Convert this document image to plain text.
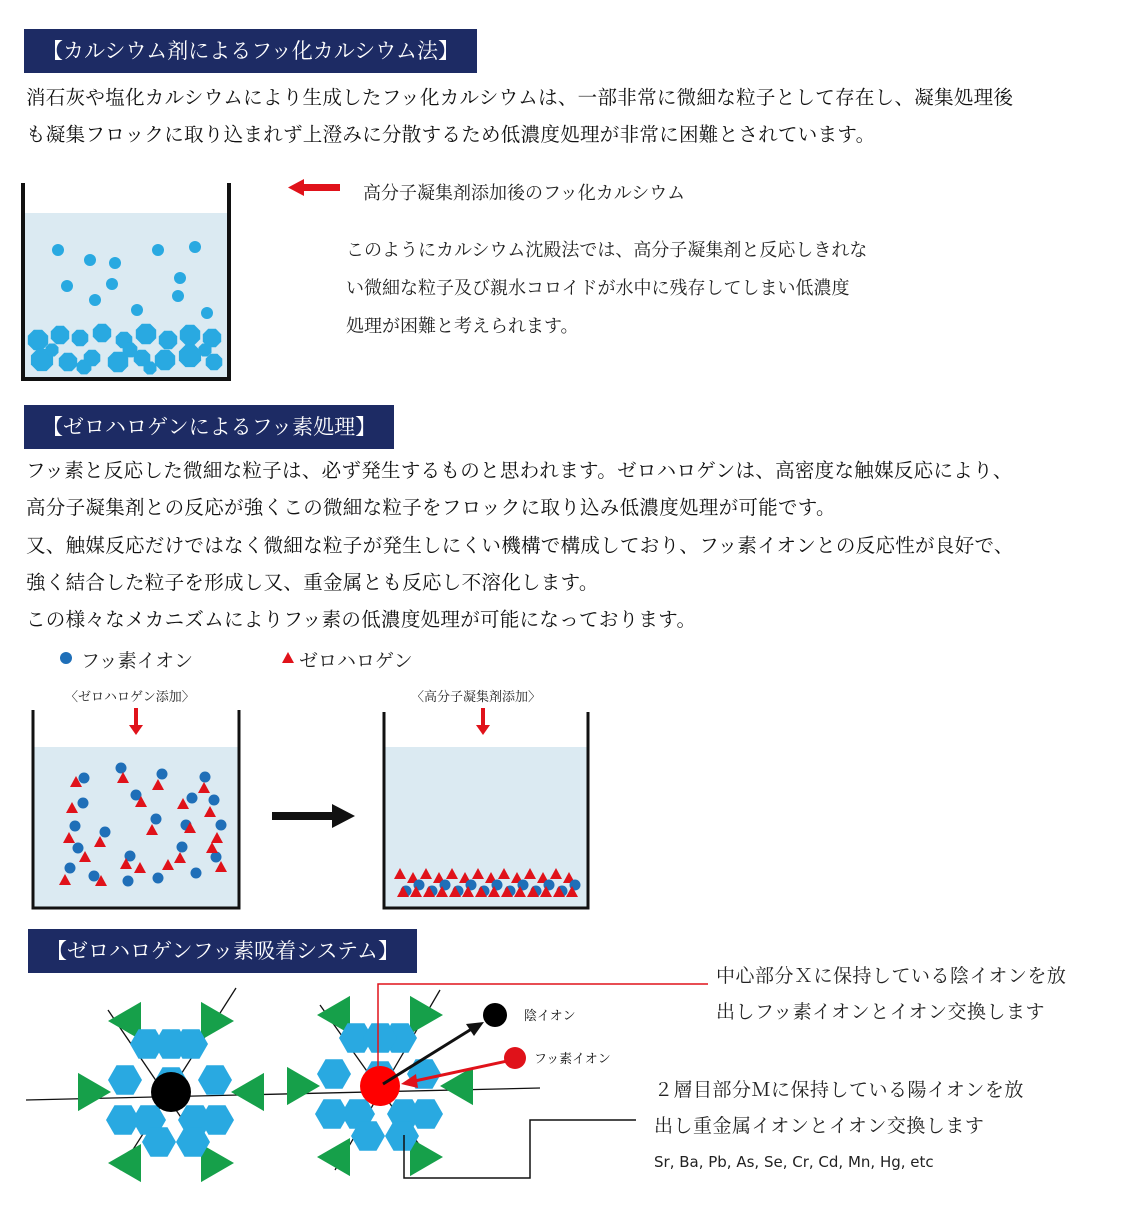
【カルシウム剤によるフッ化カルシウム法】
消石灰や塩化カルシウムにより生成したフッ化カルシウムは、一部非常に微細な粒子として存在し、凝集処理後
も凝集フロックに取り込まれず上澄みに分散するため低濃度処理が非常に困難とされています。
高分子凝集剤添加後のフッ化カルシウム
このようにカルシウム沈殿法では、高分子凝集剤と反応しきれな
い微細な粒子及び親水コロイドが水中に残存してしまい低濃度
処理が困難と考えられます。
【ゼロハロゲンによるフッ素処理】
フッ素と反応した微細な粒子は、必ず発生するものと思われます。ゼロハロゲンは、高密度な触媒反応により、
高分子凝集剤との反応が強くこの微細な粒子をフロックに取り込み低濃度処理が可能です。
又、触媒反応だけではなく微細な粒子が発生しにくい機構で構成しており、フッ素イオンとの反応性が良好で、
強く結合した粒子を形成し又、重金属とも反応し不溶化します。
この様々なメカニズムによりフッ素の低濃度処理が可能になっております。
フッ素イオン	ゼロハロゲン
〈ゼロハロゲン添加〉	〈高分子凝集剤添加〉
【ゼロハロゲンフッ素吸着システム】
陰イオン
フッ素イオン
中心部分Ｘに保持している陰イオンを放
出しフッ素イオンとイオン交換します
２層目部分Ｍに保持している陽イオンを放
出し重金属イオンとイオン交換します
Sr, Ba, Pb, As, Se, Cr, Cd, Mn, Hg, etc
